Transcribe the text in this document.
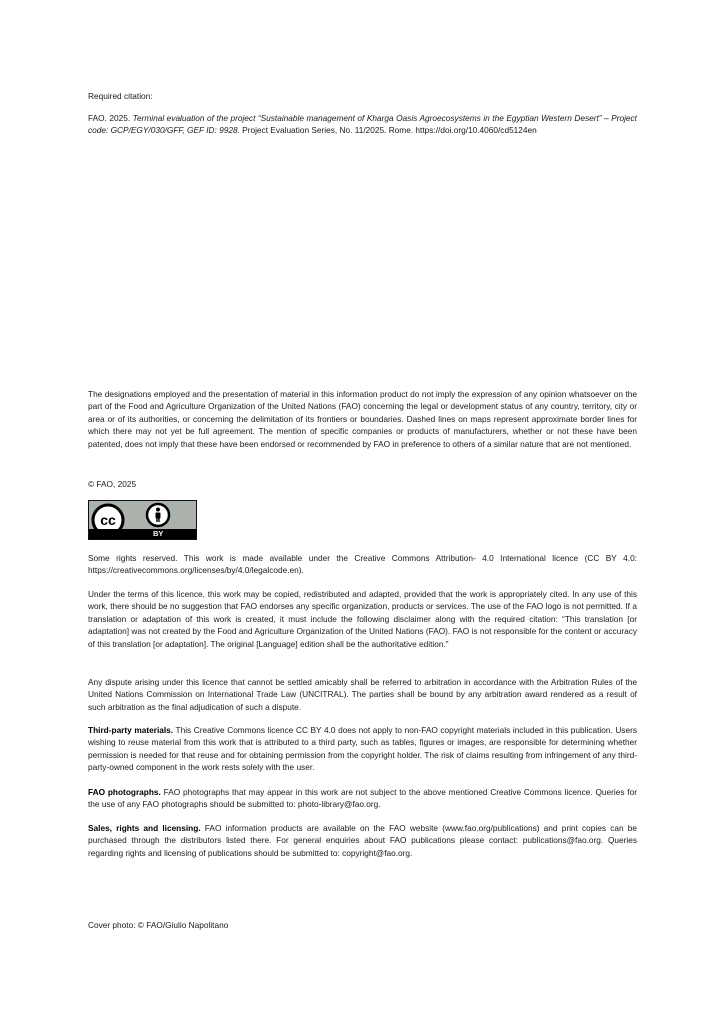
Required citation:

FAO. 2025. Terminal evaluation of the project “Sustainable management of Kharga Oasis Agroecosystems in the Egyptian Western Desert” – Project code: GCP/EGY/030/GFF, GEF ID: 9928. Project Evaluation Series, No. 11/2025. Rome. https://doi.org/10.4060/cd5124en

The designations employed and the presentation of material in this information product do not imply the expression of any opinion whatsoever on the part of the Food and Agriculture Organization of the United Nations (FAO) concerning the legal or development status of any country, territory, city or area or of its authorities, or concerning the delimitation of its frontiers or boundaries. Dashed lines on maps represent approximate border lines for which there may not yet be full agreement. The mention of specific companies or products of manufacturers, whether or not these have been patented, does not imply that these have been endorsed or recommended by FAO in preference to others of a similar nature that are not mentioned.

© FAO, 2025
cc
BY

Some rights reserved. This work is made available under the Creative Commons Attribution- 4.0 International licence (CC BY 4.0: https://creativecommons.org/licenses/by/4.0/legalcode.en).

Under the terms of this licence, this work may be copied, redistributed and adapted, provided that the work is appropriately cited. In any use of this work, there should be no suggestion that FAO endorses any specific organization, products or services. The use of the FAO logo is not permitted. If a translation or adaptation of this work is created, it must include the following disclaimer along with the required citation: “This translation [or adaptation] was not created by the Food and Agriculture Organization of the United Nations (FAO). FAO is not responsible for the content or accuracy of this translation [or adaptation]. The original [Language] edition shall be the authoritative edition.”

Any dispute arising under this licence that cannot be settled amicably shall be referred to arbitration in accordance with the Arbitration Rules of the United Nations Commission on International Trade Law (UNCITRAL). The parties shall be bound by any arbitration award rendered as a result of such arbitration as the final adjudication of such a dispute.

Third-party materials. This Creative Commons licence CC BY 4.0 does not apply to non-FAO copyright materials included in this publication. Users wishing to reuse material from this work that is attributed to a third party, such as tables, figures or images, are responsible for determining whether permission is needed for that reuse and for obtaining permission from the copyright holder. The risk of claims resulting from infringement of any third-party-owned component in the work rests solely with the user.

FAO photographs. FAO photographs that may appear in this work are not subject to the above mentioned Creative Commons licence. Queries for the use of any FAO photographs should be submitted to: photo-library@fao.org.

Sales, rights and licensing. FAO information products are available on the FAO website (www.fao.org/publications) and print copies can be purchased through the distributors listed there. For general enquiries about FAO publications please contact: publications@fao.org. Queries regarding rights and licensing of publications should be submitted to: copyright@fao.org.

Cover photo: © FAO/Giulio Napolitano
